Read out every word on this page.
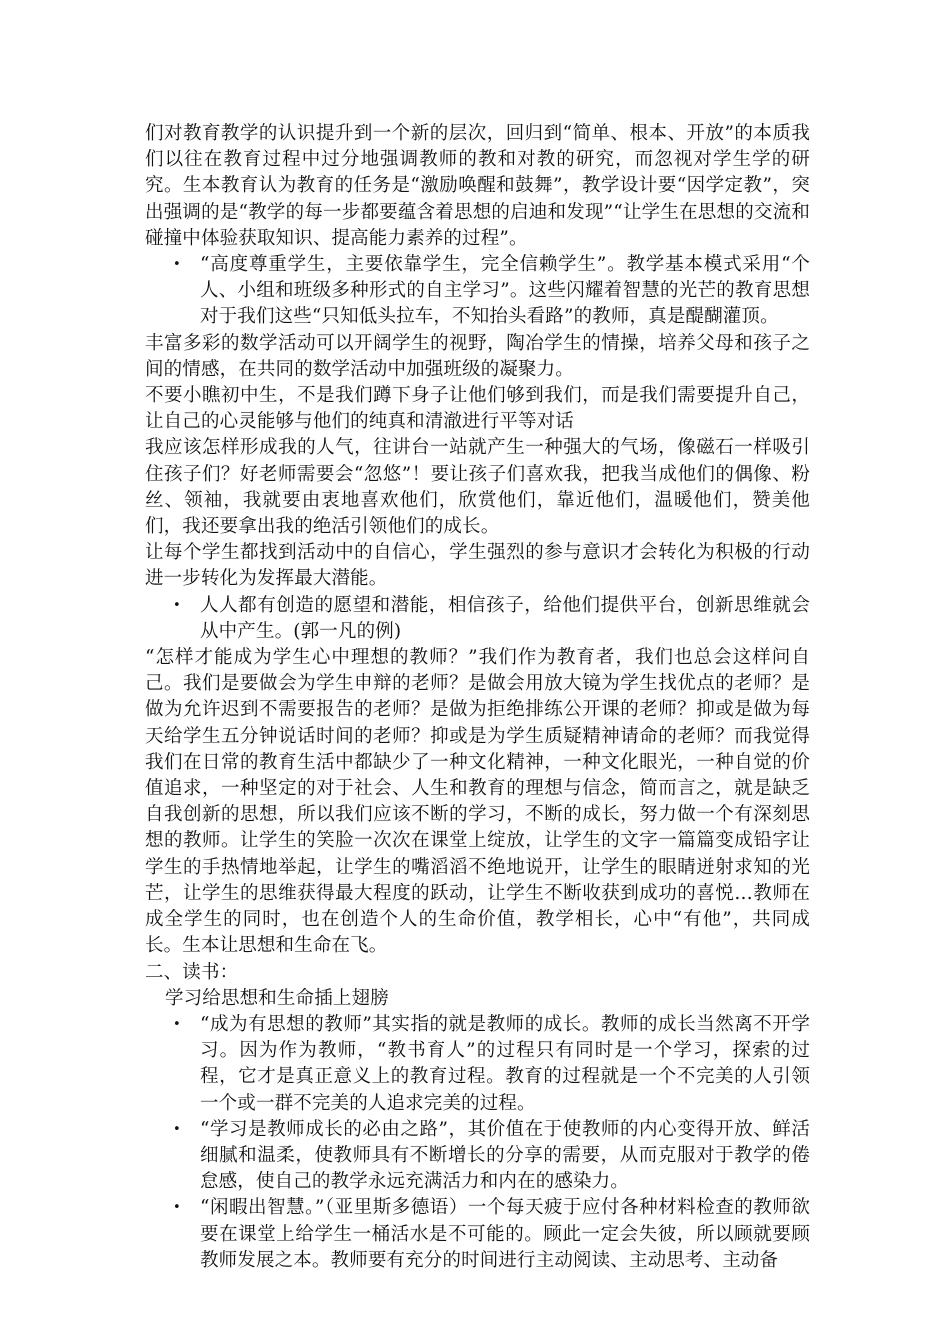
们对教育教学的认识提升到一个新的层次，回归到“简单、根本、开放”的本质我们以往在教育过程中过分地强调教师的教和对教的研究，而忽视对学生学的研究。生本教育认为教育的任务是“激励唤醒和鼓舞”，教学设计要“因学定教”，突出强调的是“教学的每一步都要蕴含着思想的启迪和发现”“让学生在思想的交流和碰撞中体验获取知识、提高能力素养的过程”。

• “高度尊重学生，主要依靠学生，完全信赖学生”。教学基本模式采用“个人、小组和班级多种形式的自主学习”。这些闪耀着智慧的光芒的教育思想对于我们这些“只知低头拉车，不知抬头看路”的教师，真是醍醐灌顶。

丰富多彩的数学活动可以开阔学生的视野，陶冶学生的情操，培养父母和孩子之间的情感，在共同的数学活动中加强班级的凝聚力。

不要小瞧初中生，不是我们蹲下身子让他们够到我们，而是我们需要提升自己，让自己的心灵能够与他们的纯真和清澈进行平等对话

我应该怎样形成我的人气，往讲台一站就产生一种强大的气场，像磁石一样吸引住孩子们？好老师需要会“忽悠”！要让孩子们喜欢我，把我当成他们的偶像、粉丝、领袖，我就要由衷地喜欢他们，欣赏他们，靠近他们，温暖他们，赞美他们，我还要拿出我的绝活引领他们的成长。

让每个学生都找到活动中的自信心，学生强烈的参与意识才会转化为积极的行动进一步转化为发挥最大潜能。

• 人人都有创造的愿望和潜能，相信孩子，给他们提供平台，创新思维就会从中产生。(郭一凡的例)

“怎样才能成为学生心中理想的教师？”我们作为教育者，我们也总会这样问自己。我们是要做会为学生申辩的老师？是做会用放大镜为学生找优点的老师？是做为允许迟到不需要报告的老师？是做为拒绝排练公开课的老师？抑或是做为每天给学生五分钟说话时间的老师？抑或是为学生质疑精神请命的老师？而我觉得我们在日常的教育生活中都缺少了一种文化精神，一种文化眼光，一种自觉的价值追求，一种坚定的对于社会、人生和教育的理想与信念，简而言之，就是缺乏自我创新的思想，所以我们应该不断的学习，不断的成长，努力做一个有深刻思想的教师。让学生的笑脸一次次在课堂上绽放，让学生的文字一篇篇变成铅字让学生的手热情地举起，让学生的嘴滔滔不绝地说开，让学生的眼睛迸射求知的光芒，让学生的思维获得最大程度的跃动，让学生不断收获到成功的喜悦…教师在成全学生的同时，也在创造个人的生命价值，教学相长，心中“有他”，共同成长。生本让思想和生命在飞。

二、读书：

学习给思想和生命插上翅膀

• “成为有思想的教师”其实指的就是教师的成长。教师的成长当然离不开学习。因为作为教师，“教书育人”的过程只有同时是一个学习，探索的过程，它才是真正意义上的教育过程。教育的过程就是一个不完美的人引领一个或一群不完美的人追求完美的过程。
• “学习是教师成长的必由之路”，其价值在于使教师的内心变得开放、鲜活细腻和温柔，使教师具有不断增长的分享的需要，从而克服对于教学的倦怠感，使自己的教学永远充满活力和内在的感染力。
• “闲暇出智慧。”（亚里斯多德语）一个每天疲于应付各种材料检查的教师欲要在课堂上给学生一桶活水是不可能的。顾此一定会失彼，所以顾就要顾教师发展之本。教师要有充分的时间进行主动阅读、主动思考、主动备
